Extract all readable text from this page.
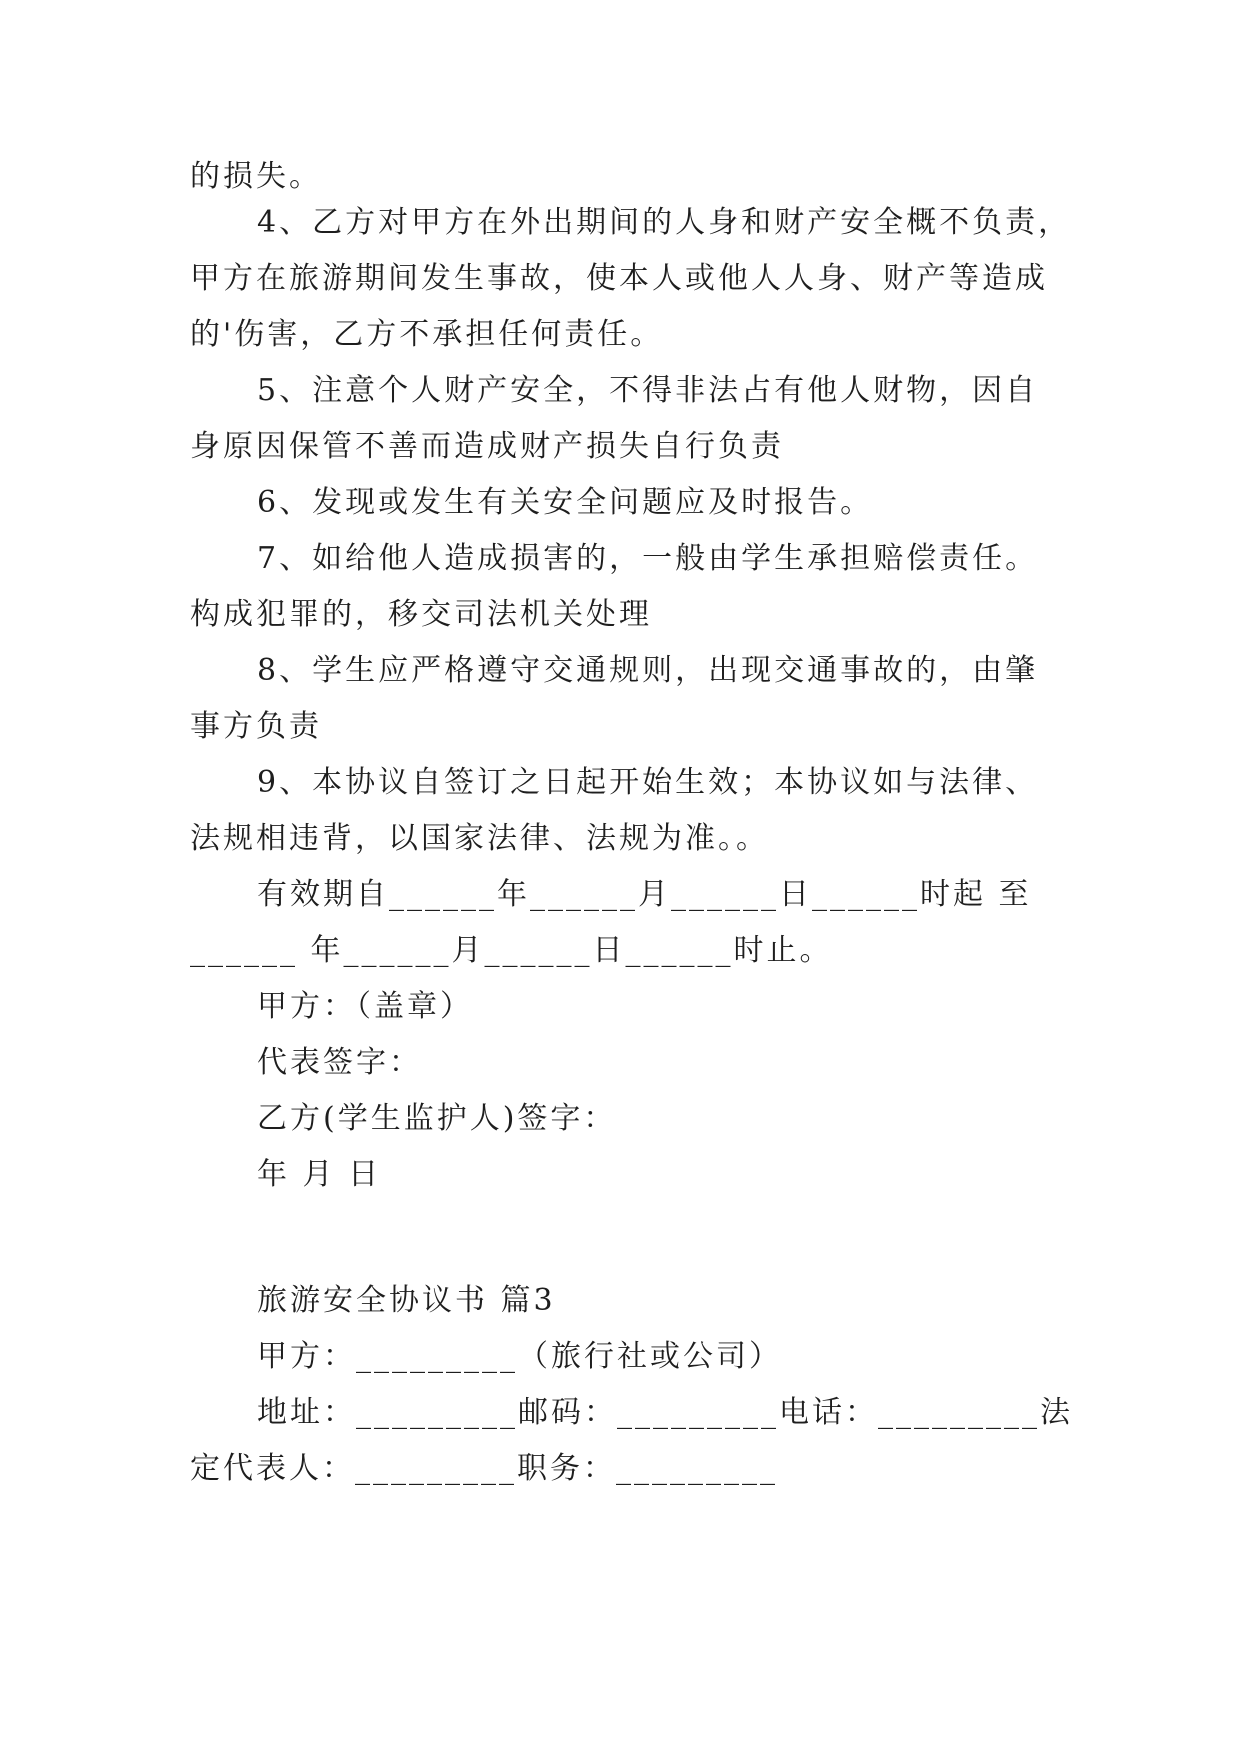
的损失。
4、乙方对甲方在外出期间的人身和财产安全概不负责，
甲方在旅游期间发生事故，使本人或他人人身、财产等造成
的'伤害，乙方不承担任何责任。
5、注意个人财产安全，不得非法占有他人财物，因自
身原因保管不善而造成财产损失自行负责
6、发现或发生有关安全问题应及时报告。
7、如给他人造成损害的，一般由学生承担赔偿责任。
构成犯罪的，移交司法机关处理
8、学生应严格遵守交通规则，出现交通事故的，由肇
事方负责
9、本协议自签订之日起开始生效；本协议如与法律、
法规相违背，以国家法律、法规为准。。
有效期自______年______月______日______时起 至
______ 年______月______日______时止。
甲方：（盖章）
代表签字：
乙方(学生监护人)签字：
年 月 日
旅游安全协议书 篇3
甲方：_________（旅行社或公司）
地址：_________邮码：_________电话：_________法
定代表人：_________职务：_________
